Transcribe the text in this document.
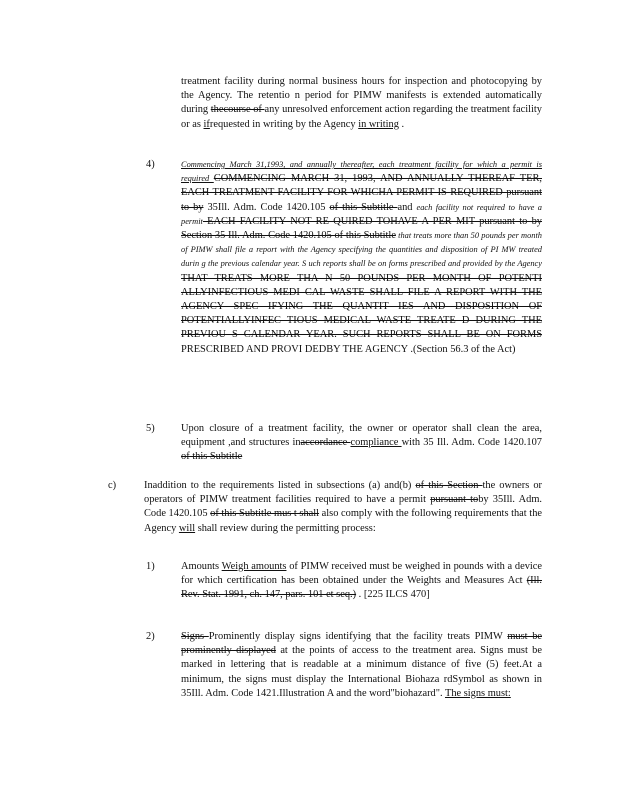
treatment facility during normal business hours for inspection and photocopying by the Agency. The retentio n period for PIMW manifests is extended automatically during thecourse of any unresolved enforcement action regarding the treatment facility or as ifrequested in writing by the Agency in writing .
4)	Commencing March 31,1993, and annually thereafter, each treatment facility for which a permit is required COMMENCING MARCH 31, 1993, AND ANNUALLY THEREAF TER, EACH TREATMENT FACILITY FOR WHICHA PERMIT IS REQUIRED pursuant to by 35Ill. Adm. Code 1420.105 of this Subtitle and each facility not required to have a permit EACH FACILITY NOT RE QUIRED TOHAVE A PER MIT pursuant to by Section 35 Ill. Adm. Code 1420.105 of this Subtitle that treats more than 50 pounds per month of PIMW shall file a report with the Agency specifying the quantities and disposition of PI MW treated durin g the previous calendar year. S uch reports shall be on forms prescribed and provided by the Agency THAT TREATS MORE THA N 50 POUNDS PER MONTH OF POTENTI ALLYINFECTIOUS MEDI CAL WASTE SHALL FILE A REPORT WITH THE AGENCY SPEC IFYING THE QUANTIT IES AND DISPOSITION OF POTENTIALLYINFEC TIOUS MEDICAL WASTE TREATE D DURING THE PREVIOU S CALENDAR YEAR. SUCH REPORTS SHALL BE ON FORMS PRESCRIBED AND PROVI DEDBY THE AGENCY .(Section 56.3 of the Act)
5)	Upon closure of a treatment facility, the owner or operator shall clean the area, equipment ,and structures inaccordance compliance with 35 Ill. Adm. Code 1420.107 of this Subtitle
c)	Inaddition to the requirements listed in subsections (a) and(b) of this Section the owners or operators of PIMW treatment facilities required to have a permit pursuant toby 35Ill. Adm. Code 1420.105 of this Subtitle mus t shall also comply with the following requirements that the Agency will shall review during the permitting process:
1)	Amounts Weigh amounts of PIMW received must be weighed in pounds with a device for which certification has been obtained under the Weights and Measures Act (Ill. Rev. Stat. 1991, ch. 147, pars. 101 et seq.) . [225 ILCS 470]
2)	Signs Prominently display signs identifying that the facility treats PIMW must be prominently displayed at the points of access to the treatment area. Signs must be marked in lettering that is readable at a minimum distance of five (5) feet.At a minimum, the signs must display the International Biohaza rdSymbol as shown in 35Ill. Adm. Code 1421.Illustration A and the word"biohazard". The signs must:
